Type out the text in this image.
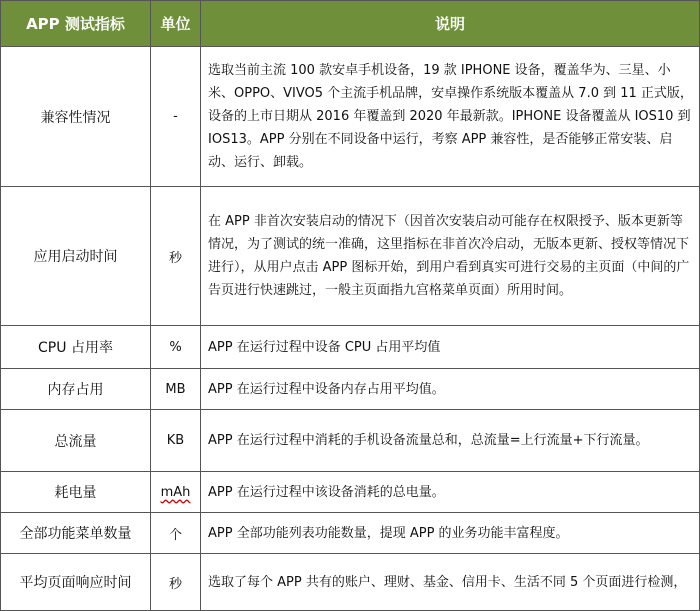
APP 测试指标	单位	说明
兼容性情况	-	选取当前主流 100 款安卓手机设备，19 款 IPHONE 设备，覆盖华为、三星、小米、OPPO、VIVO5 个主流手机品牌，安卓操作系统版本覆盖从 7.0 到 11 正式版，设备的上市日期从 2016 年覆盖到 2020 年最新款。IPHONE 设备覆盖从 IOS10 到 IOS13。APP 分别在不同设备中运行，考察 APP 兼容性，是否能够正常安装、启动、运行、卸载。
应用启动时间	秒	在 APP 非首次安装启动的情况下（因首次安装启动可能存在权限授予、版本更新等情况，为了测试的统一准确，这里指标在非首次冷启动，无版本更新、授权等情况下进行），从用户点击 APP 图标开始，到用户看到真实可进行交易的主页面（中间的广告页进行快速跳过，一般主页面指九宫格菜单页面）所用时间。
CPU 占用率	%	APP 在运行过程中设备 CPU 占用平均值
内存占用	MB	APP 在运行过程中设备内存占用平均值。
总流量	KB	APP 在运行过程中消耗的手机设备流量总和，总流量=上行流量+下行流量。
耗电量	mAh	APP 在运行过程中该设备消耗的总电量。
全部功能菜单数量	个	APP 全部功能列表功能数量，提现 APP 的业务功能丰富程度。
平均页面响应时间	秒	选取了每个 APP 共有的账户、理财、基金、信用卡、生活不同 5 个页面进行检测，
